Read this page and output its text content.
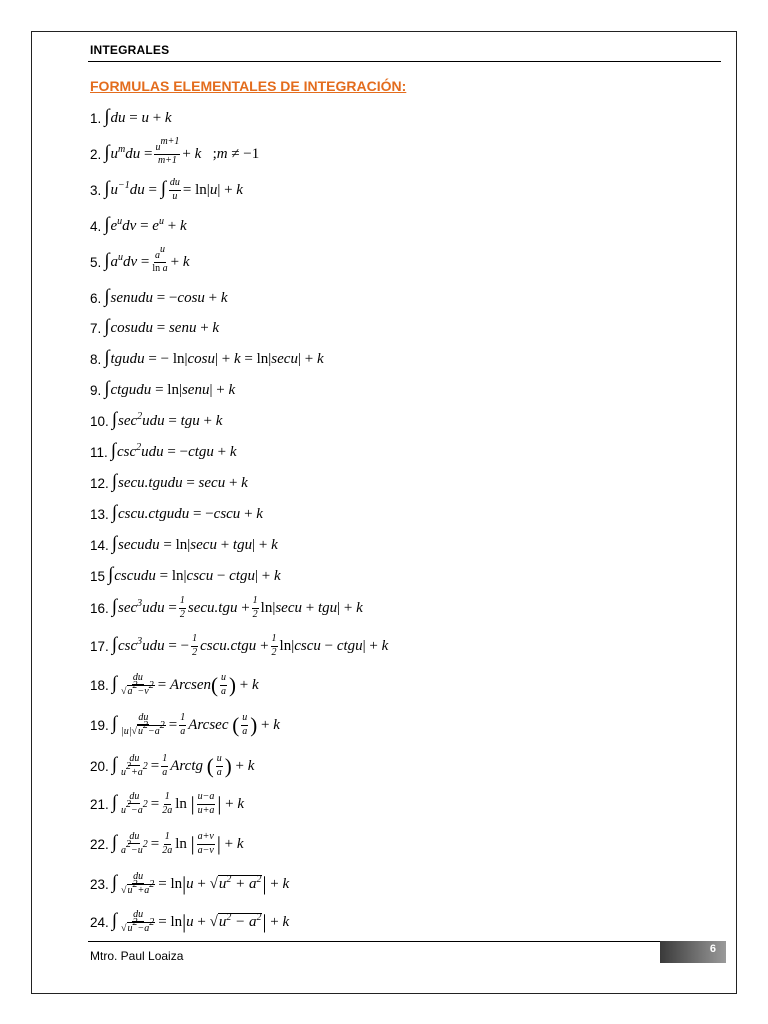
INTEGRALES
FORMULAS ELEMENTALES DE INTEGRACIÓN:
1. ∫ du
=
u
+
k
2. ∫ $u^mdu$
= $\frac{u^{m+1}}{m+1}$ +
k
; m
≠ −1
3. ∫ $u^{-1}du$
=
∫ $\frac{du}{u} = \ln|$ u |
+
k
4. ∫ $e^udv$
=
$e^u$
+
k
5. ∫ $a^udv$
= $\frac{a^u}{\text{ln a}}$ +
k
6. ∫ senudu
= − cosu
+
k
7. ∫ cosudu
=
senu
+
k
8. ∫ tgudu
= − ln| cosu |
+
k
= ln| secu |
+
k
9. ∫ ctgudu
= ln| senu |
+
k
10. ∫ $\sec^2udu$
=
tgu
+
k
11. ∫ $\csc^2udu$
= − ctgu
+
k
12. ∫ secu.tgudu
=
secu
+
k
13. ∫ cscu.ctgudu
= − cscu
+
k
14. ∫ secudu
= ln| secu
+
tgu |
+
k
15 ∫ cscudu
= ln| cscu
−
ctgu |
+
k
16. ∫ $\sec^3udu$
= $\frac{1}{2} \sec u.tgu$
+ $\frac{1}{2} \ln|$ secu
+
tgu |
+
k
17. ∫ $\csc^3udu$
= − $\frac{1}{2}$ cscu.ctgu
+ $\frac{1}{2} \ln|$ cscu
−
ctgu |
+
k
18. ∫ $\frac{du}{√a^2-v^2}$ =
Arcsen ( $\frac{u}{a}$ )
+
k
19. ∫ $\frac{du}{|u|√u^2-a^2} = \frac{1}{a}$ Arcsec
( $\frac{u}{a}$ )
+
k
20. ∫ $\frac{du}{u^2+a^2} = \frac{1}{a}$ Arctg
( $\frac{u}{a}$ )
+
k
21. ∫ $\frac{du}{u^2-a^2} = \frac{1}{2a}$ ln
| $\frac{u-a}{u+a}$ |
+
k
22. ∫ $\frac{du}{a^2-u^2} = \frac{1}{2a}$ ln
| $\frac{a+v}{a-v}$ |
+
k
23. ∫ $\frac{du}{√u^2+a^2} = \ln$ | u
+
√ $u^2 + a^2$ |
+
k
24. ∫ $\frac{du}{√u^2-a^2} = \ln$ | u
+
√ $u^2 - a^2$ |
+
k
Mtro. Paul Loaiza	6
